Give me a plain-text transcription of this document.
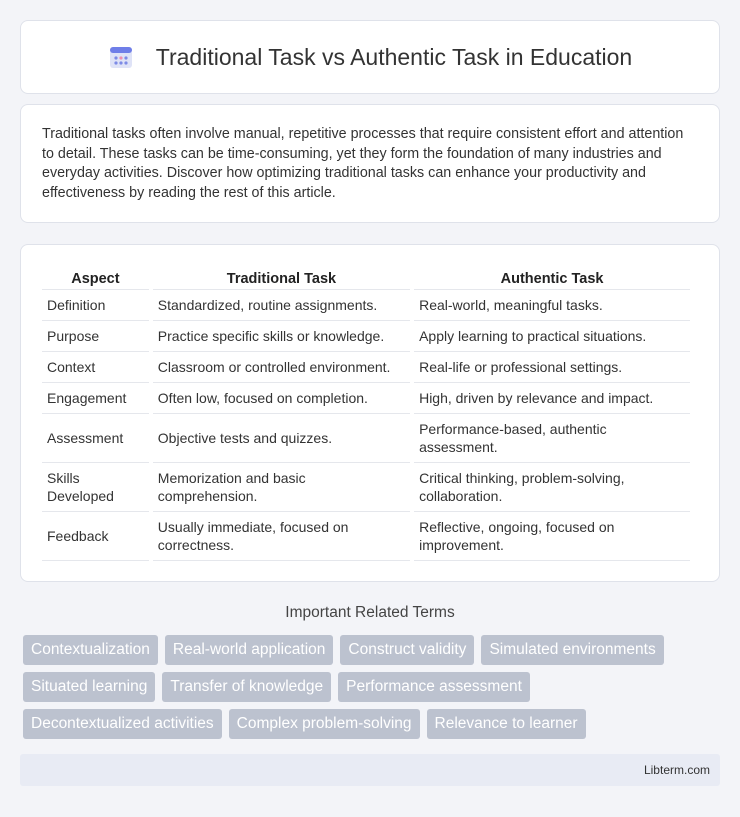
Traditional Task vs Authentic Task in Education

Traditional tasks often involve manual, repetitive processes that require consistent effort and attention to detail. These tasks can be time-consuming, yet they form the foundation of many industries and everyday activities. Discover how optimizing traditional tasks can enhance your productivity and effectiveness by reading the rest of this article.

Aspect	Traditional Task	Authentic Task
Definition	Standardized, routine assignments.	Real-world, meaningful tasks.
Purpose	Practice specific skills or knowledge.	Apply learning to practical situations.
Context	Classroom or controlled environment.	Real-life or professional settings.
Engagement	Often low, focused on completion.	High, driven by relevance and impact.
Assessment	Objective tests and quizzes.	Performance-based, authentic assessment.
Skills Developed	Memorization and basic comprehension.	Critical thinking, problem-solving, collaboration.
Feedback	Usually immediate, focused on correctness.	Reflective, ongoing, focused on improvement.
Important Related Terms
Contextualization	Real-world application	Construct validity	Simulated environments
Situated learning	Transfer of knowledge	Performance assessment
Decontextualized activities	Complex problem-solving	Relevance to learner
Libterm.com
